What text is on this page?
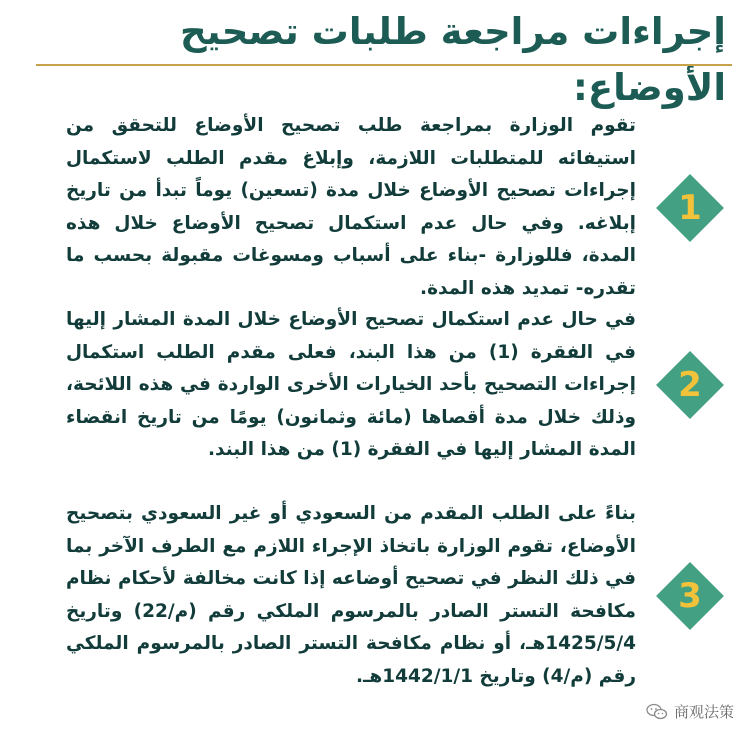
إجراءات مراجعة طلبات تصحيح الأوضاع:
1

تقوم الوزارة بمراجعة طلب تصحيح الأوضاع للتحقق من استيفائه للمتطلبات اللازمة، وإبلاغ مقدم الطلب لاستكمال إجراءات تصحيح الأوضاع خلال مدة (تسعين) يوماً تبدأ من تاريخ إبلاغه. وفي حال عدم استكمال تصحيح الأوضاع خلال هذه المدة، فللوزارة -بناء على أسباب ومسوغات مقبولة بحسب ما تقدره- تمديد هذه المدة.

2

في حال عدم استكمال تصحيح الأوضاع خلال المدة المشار إليها في الفقرة (1) من هذا البند، فعلى مقدم الطلب استكمال إجراءات التصحيح بأحد الخيارات الأخرى الواردة في هذه اللائحة، وذلك خلال مدة أقصاها (مائة وثمانون) يومًا من تاريخ انقضاء المدة المشار إليها في الفقرة (1) من هذا البند.

3

بناءً على الطلب المقدم من السعودي أو غير السعودي بتصحيح الأوضاع، تقوم الوزارة باتخاذ الإجراء اللازم مع الطرف الآخر بما في ذلك النظر في تصحيح أوضاعه إذا كانت مخالفة لأحكام نظام مكافحة التستر الصادر بالمرسوم الملكي رقم (م/22) وتاريخ 1425/5/4هـ، أو نظام مكافحة التستر الصادر بالمرسوم الملكي رقم (م/4) وتاريخ 1442/1/1هـ.

商观法策
